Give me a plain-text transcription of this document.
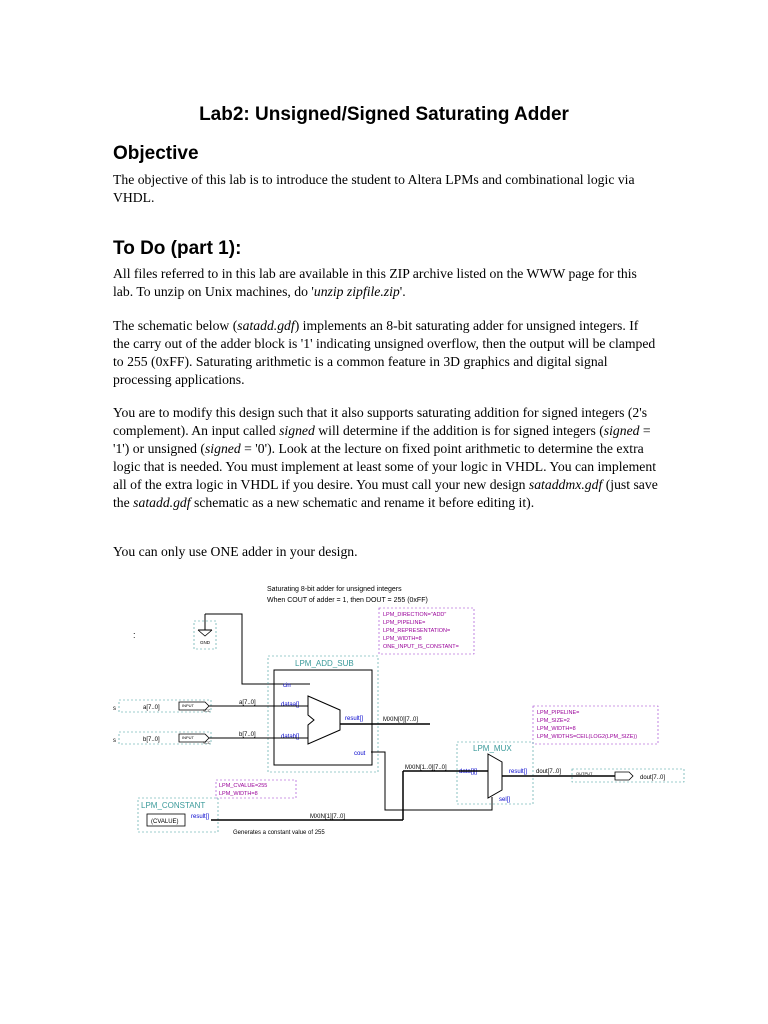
Lab2: Unsigned/Signed Saturating Adder
Objective

The objective of this lab is to introduce the student to Altera LPMs and combinational logic via VHDL.

To Do (part 1):

All files referred to in this lab are available in this ZIP archive listed on the WWW page for this lab. To unzip on Unix machines, do 'unzip zipfile.zip'.

The schematic below (satadd.gdf) implements an 8-bit saturating adder for unsigned integers. If the carry out of the adder block is '1' indicating unsigned overflow, then the output will be clamped to 255 (0xFF). Saturating arithmetic is a common feature in 3D graphics and digital signal processing applications.

You are to modify this design such that it also supports saturating addition for signed integers (2's complement). An input called signed will determine if the addition is for signed integers (signed = '1') or unsigned (signed = '0'). Look at the lecture on fixed point arithmetic to determine the extra logic that is needed. You must implement at least some of your logic in VHDL. You can implement all of the extra logic in VHDL if you desire. You must call your new design sataddmx.gdf (just save the satadd.gdf schematic as a new schematic and rename it before editing it).

You can only use ONE adder in your design.

Saturating 8-bit adder for unsigned integers
When COUT of adder = 1, then DOUT = 255 (0xFF)
:
LPM_DIRECTION="ADD"
LPM_PIPELINE=
LPM_REPRESENTATION=
LPM_WIDTH=8
ONE_INPUT_IS_CONSTANT=
GND
LPM_ADD_SUB
cin
dataa[]
datab[]
result[]
cout
s	a[7..0]	INPUT
VCC
a[7..0]
s	b[7..0]	INPUT
VCC
b[7..0]
MXIN[0][7..0]
LPM_PIPELINE=
LPM_SIZE=2
LPM_WIDTH=8
LPM_WIDTHS=CEIL(LOG2(LPM_SIZE))
LPM_MUX
data[][]	result[]
sel[]
MXIN[1..0][7..0]
dout[7..0]	OUTPUT
dout[7..0]
LPM_CVALUE=255
LPM_WIDTH=8
LPM_CONSTANT
(CVALUE)
result[]	MXIN[1][7..0]
Generates a constant value of 255
